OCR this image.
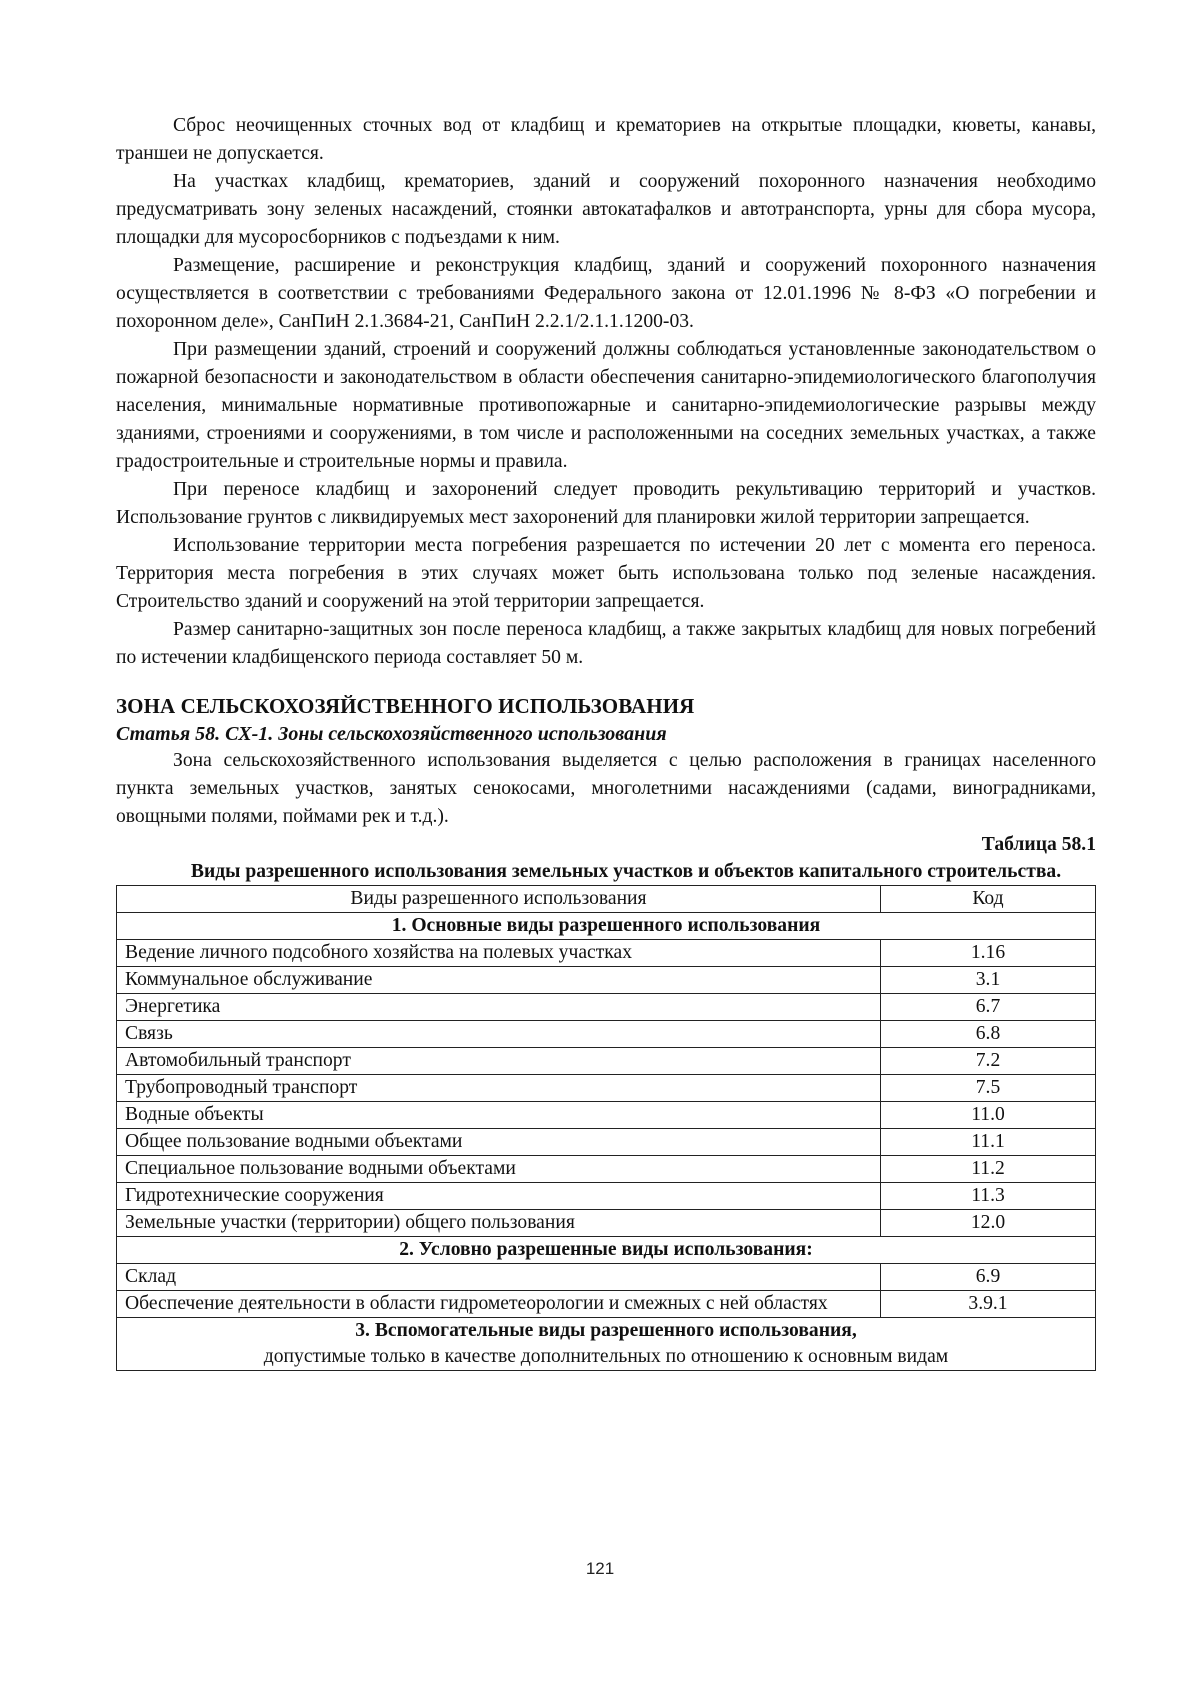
Сброс неочищенных сточных вод от кладбищ и крематориев на открытые площадки, кюветы, канавы, траншеи не допускается.

На участках кладбищ, крематориев, зданий и сооружений похоронного назначения необходимо предусматривать зону зеленых насаждений, стоянки автокатафалков и автотранспорта, урны для сбора мусора, площадки для мусоросборников с подъездами к ним.

Размещение, расширение и реконструкция кладбищ, зданий и сооружений похоронного назначения осуществляется в соответствии с требованиями Федерального закона от 12.01.1996 № 8-ФЗ «О погребении и похоронном деле», СанПиН 2.1.3684-21, СанПиН 2.2.1/2.1.1.1200-03.

При размещении зданий, строений и сооружений должны соблюдаться установленные законодательством о пожарной безопасности и законодательством в области обеспечения санитарно-эпидемиологического благополучия населения, минимальные нормативные противопожарные и санитарно-эпидемиологические разрывы между зданиями, строениями и сооружениями, в том числе и расположенными на соседних земельных участках, а также градостроительные и строительные нормы и правила.

При переносе кладбищ и захоронений следует проводить рекультивацию территорий и участков. Использование грунтов с ликвидируемых мест захоронений для планировки жилой территории запрещается.

Использование территории места погребения разрешается по истечении 20 лет с момента его переноса. Территория места погребения в этих случаях может быть использована только под зеленые насаждения. Строительство зданий и сооружений на этой территории запрещается.

Размер санитарно-защитных зон после переноса кладбищ, а также закрытых кладбищ для новых погребений по истечении кладбищенского периода составляет 50 м.

ЗОНА СЕЛЬСКОХОЗЯЙСТВЕННОГО ИСПОЛЬЗОВАНИЯ

Статья 58. СХ-1. Зоны сельскохозяйственного использования

Зона сельскохозяйственного использования выделяется с целью расположения в границах населенного пункта земельных участков, занятых сенокосами, многолетними насаждениями (садами, виноградниками, овощными полями, поймами рек и т.д.).

Таблица 58.1

Виды разрешенного использования земельных участков и объектов капитального строительства.

Виды разрешенного использования	Код
1. Основные виды разрешенного использования	
Ведение личного подсобного хозяйства на полевых участках	1.16
Коммунальное обслуживание	3.1
Энергетика	6.7
Связь	6.8
Автомобильный транспорт	7.2
Трубопроводный транспорт	7.5
Водные объекты	11.0
Общее пользование водными объектами	11.1
Специальное пользование водными объектами	11.2
Гидротехнические сооружения	11.3
Земельные участки (территории) общего пользования	12.0
2. Условно разрешенные виды использования:	
Склад	6.9
Обеспечение деятельности в области гидрометеорологии и смежных с ней областях	3.9.1

3. Вспомогательные виды разрешенного использования,
допустимые только в качестве дополнительных по отношению к основным видам	
121
